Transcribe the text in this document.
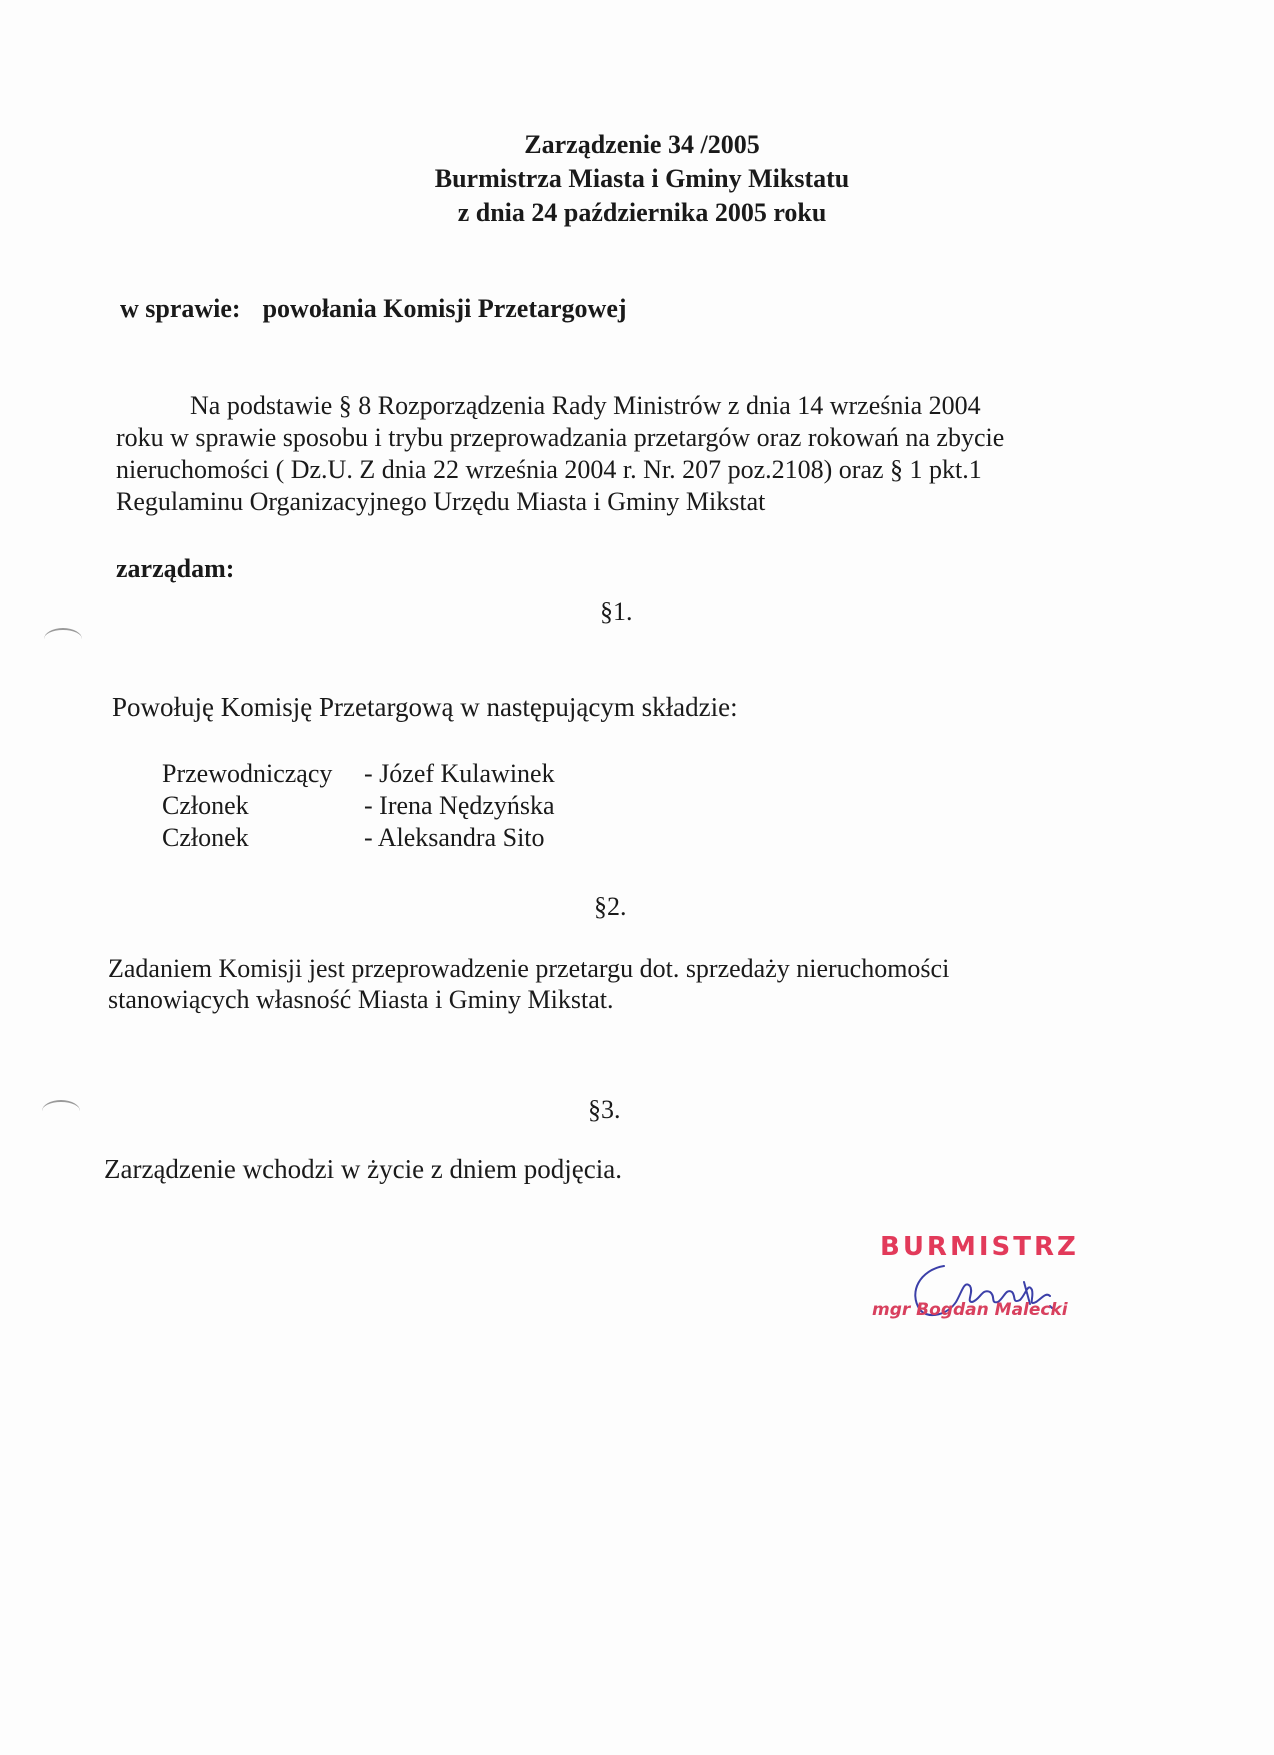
Zarządzenie 34 /2005
Burmistrza Miasta i Gminy Mikstatu
z dnia 24 października 2005 roku
w sprawie: powołania Komisji Przetargowej
Na podstawie § 8 Rozporządzenia Rady Ministrów z dnia 14 września 2004
roku w sprawie sposobu i trybu przeprowadzania przetargów oraz rokowań na zbycie
nieruchomości ( Dz.U. Z dnia 22 września 2004 r. Nr. 207 poz.2108) oraz § 1 pkt.1
Regulaminu Organizacyjnego Urzędu Miasta i Gminy Mikstat
zarządam:
§1.
Powołuję Komisję Przetargową w następującym składzie:
Przewodniczący	- Józef Kulawinek
Członek	- Irena Nędzyńska
Członek	- Aleksandra Sito
§2.
Zadaniem Komisji jest przeprowadzenie przetargu dot. sprzedaży nieruchomości
stanowiących własność Miasta i Gminy Mikstat.
§3.
Zarządzenie wchodzi w życie z dniem podjęcia.
BURMISTRZ
mgr Bogdan Malecki
